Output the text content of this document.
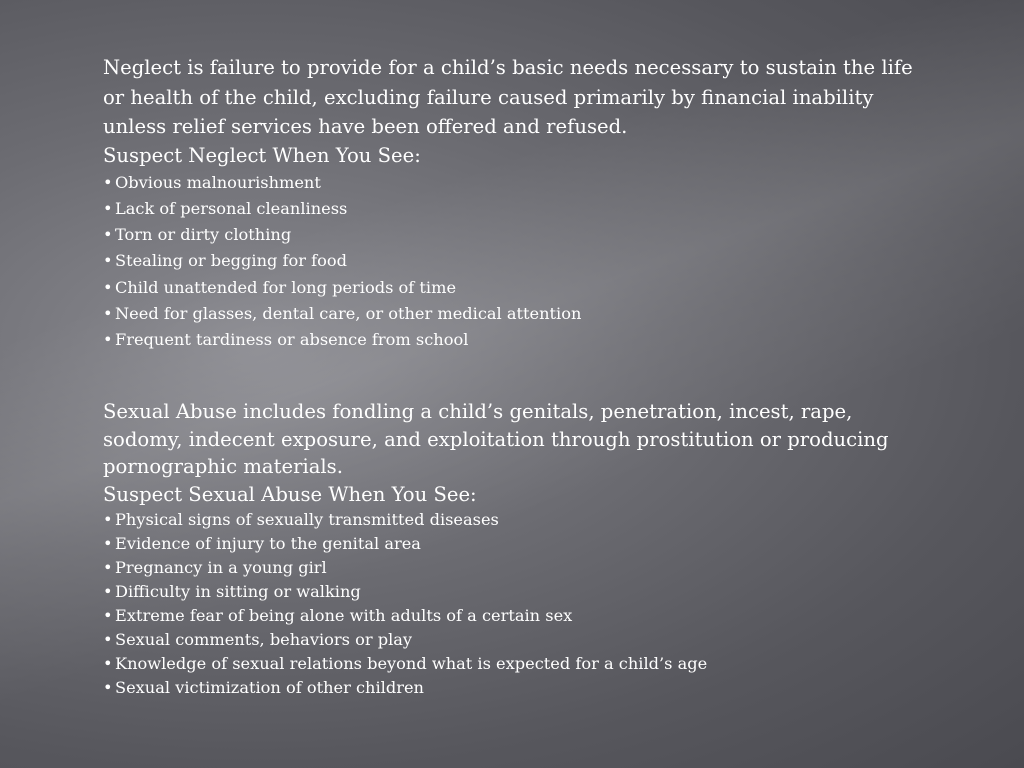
Neglect is failure to provide for a child’s basic needs necessary to sustain the life or health of the child, excluding failure caused primarily by financial inability unless relief services have been offered and refused.

Suspect Neglect When You See:

• Obvious malnourishment
• Lack of personal cleanliness
• Torn or dirty clothing
• Stealing or begging for food
• Child unattended for long periods of time
• Need for glasses, dental care, or other medical attention
• Frequent tardiness or absence from school

Sexual Abuse includes fondling a child’s genitals, penetration, incest, rape, sodomy, indecent exposure, and exploitation through prostitution or producing pornographic materials.

Suspect Sexual Abuse When You See:

• Physical signs of sexually transmitted diseases
• Evidence of injury to the genital area
• Pregnancy in a young girl
• Difficulty in sitting or walking
• Extreme fear of being alone with adults of a certain sex
• Sexual comments, behaviors or play
• Knowledge of sexual relations beyond what is expected for a child’s age
• Sexual victimization of other children
